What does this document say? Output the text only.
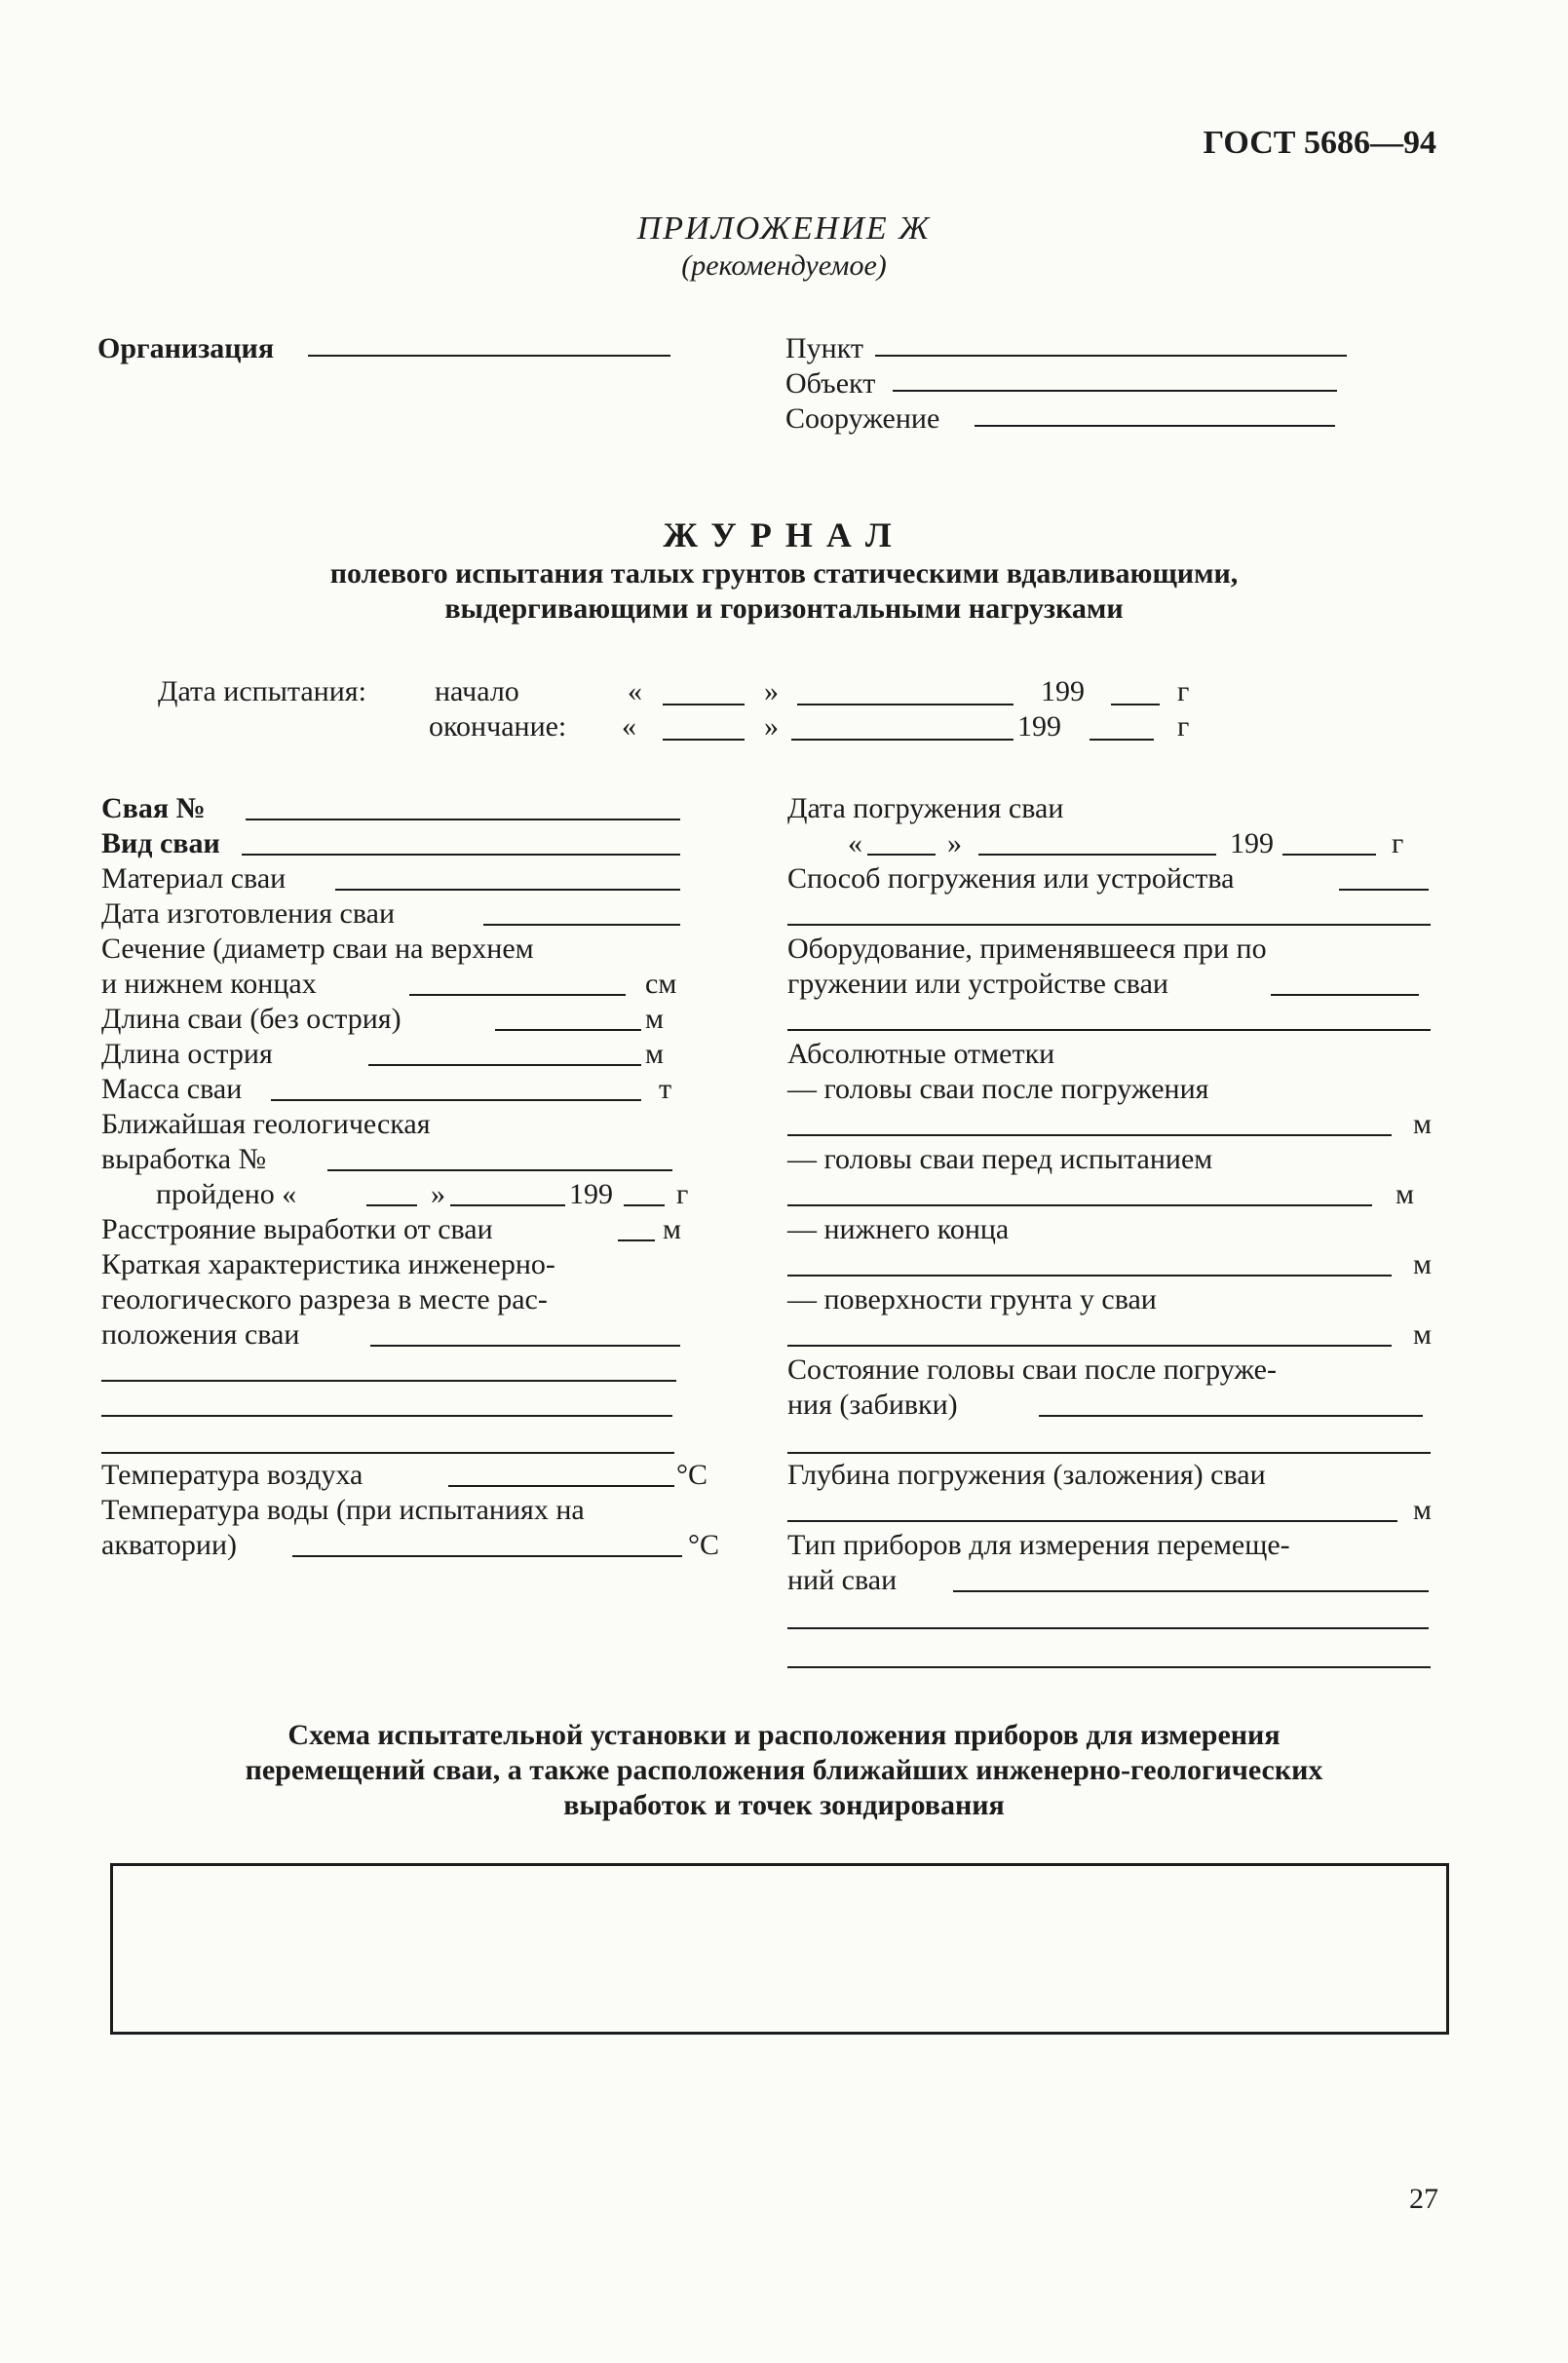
ГОСТ 5686—94
ПРИЛОЖЕНИЕ Ж
(рекомендуемое)
Организация	Пункт
Объект
Сооружение
ЖУРНАЛ
полевого испытания талых грунтов статическими вдавливающими,
выдергивающими и горизонтальными нагрузками
Дата испытания: начало	«	»	199	г
окончание: «	»	199	г
Свая №
Вид сваи
Материал сваи
Дата изготовления сваи
Сечение (диаметр сваи на верхнем
и нижнем концах	см
Длина сваи (без острия)	м
Длина острия	м
Масса сваи	т
Ближайшая геологическая
выработка №
пройдено «	»	199 г
Расстрояние выработки от сваи	м
Краткая характеристика инженерно-
геологического разреза в месте рас-
положения сваи
Температура воздуха	°С
Температура воды (при испытаниях на
акватории)	°С
Дата погружения сваи
«	»	199	г
Способ погружения или устройства
Оборудование, применявшееся при по
гружении или устройстве сваи
Абсолютные отметки
— головы сваи после погружения
м
— головы сваи перед испытанием
м
— нижнего конца
м
— поверхности грунта у сваи
м
Состояние головы сваи после погруже-
ния (забивки)
Глубина погружения (заложения) сваи
м
Тип приборов для измерения перемеще-
ний сваи
Схема испытательной установки и расположения приборов для измерения
перемещений сваи, а также расположения ближайших инженерно-геологических
выработок и точек зондирования
27
